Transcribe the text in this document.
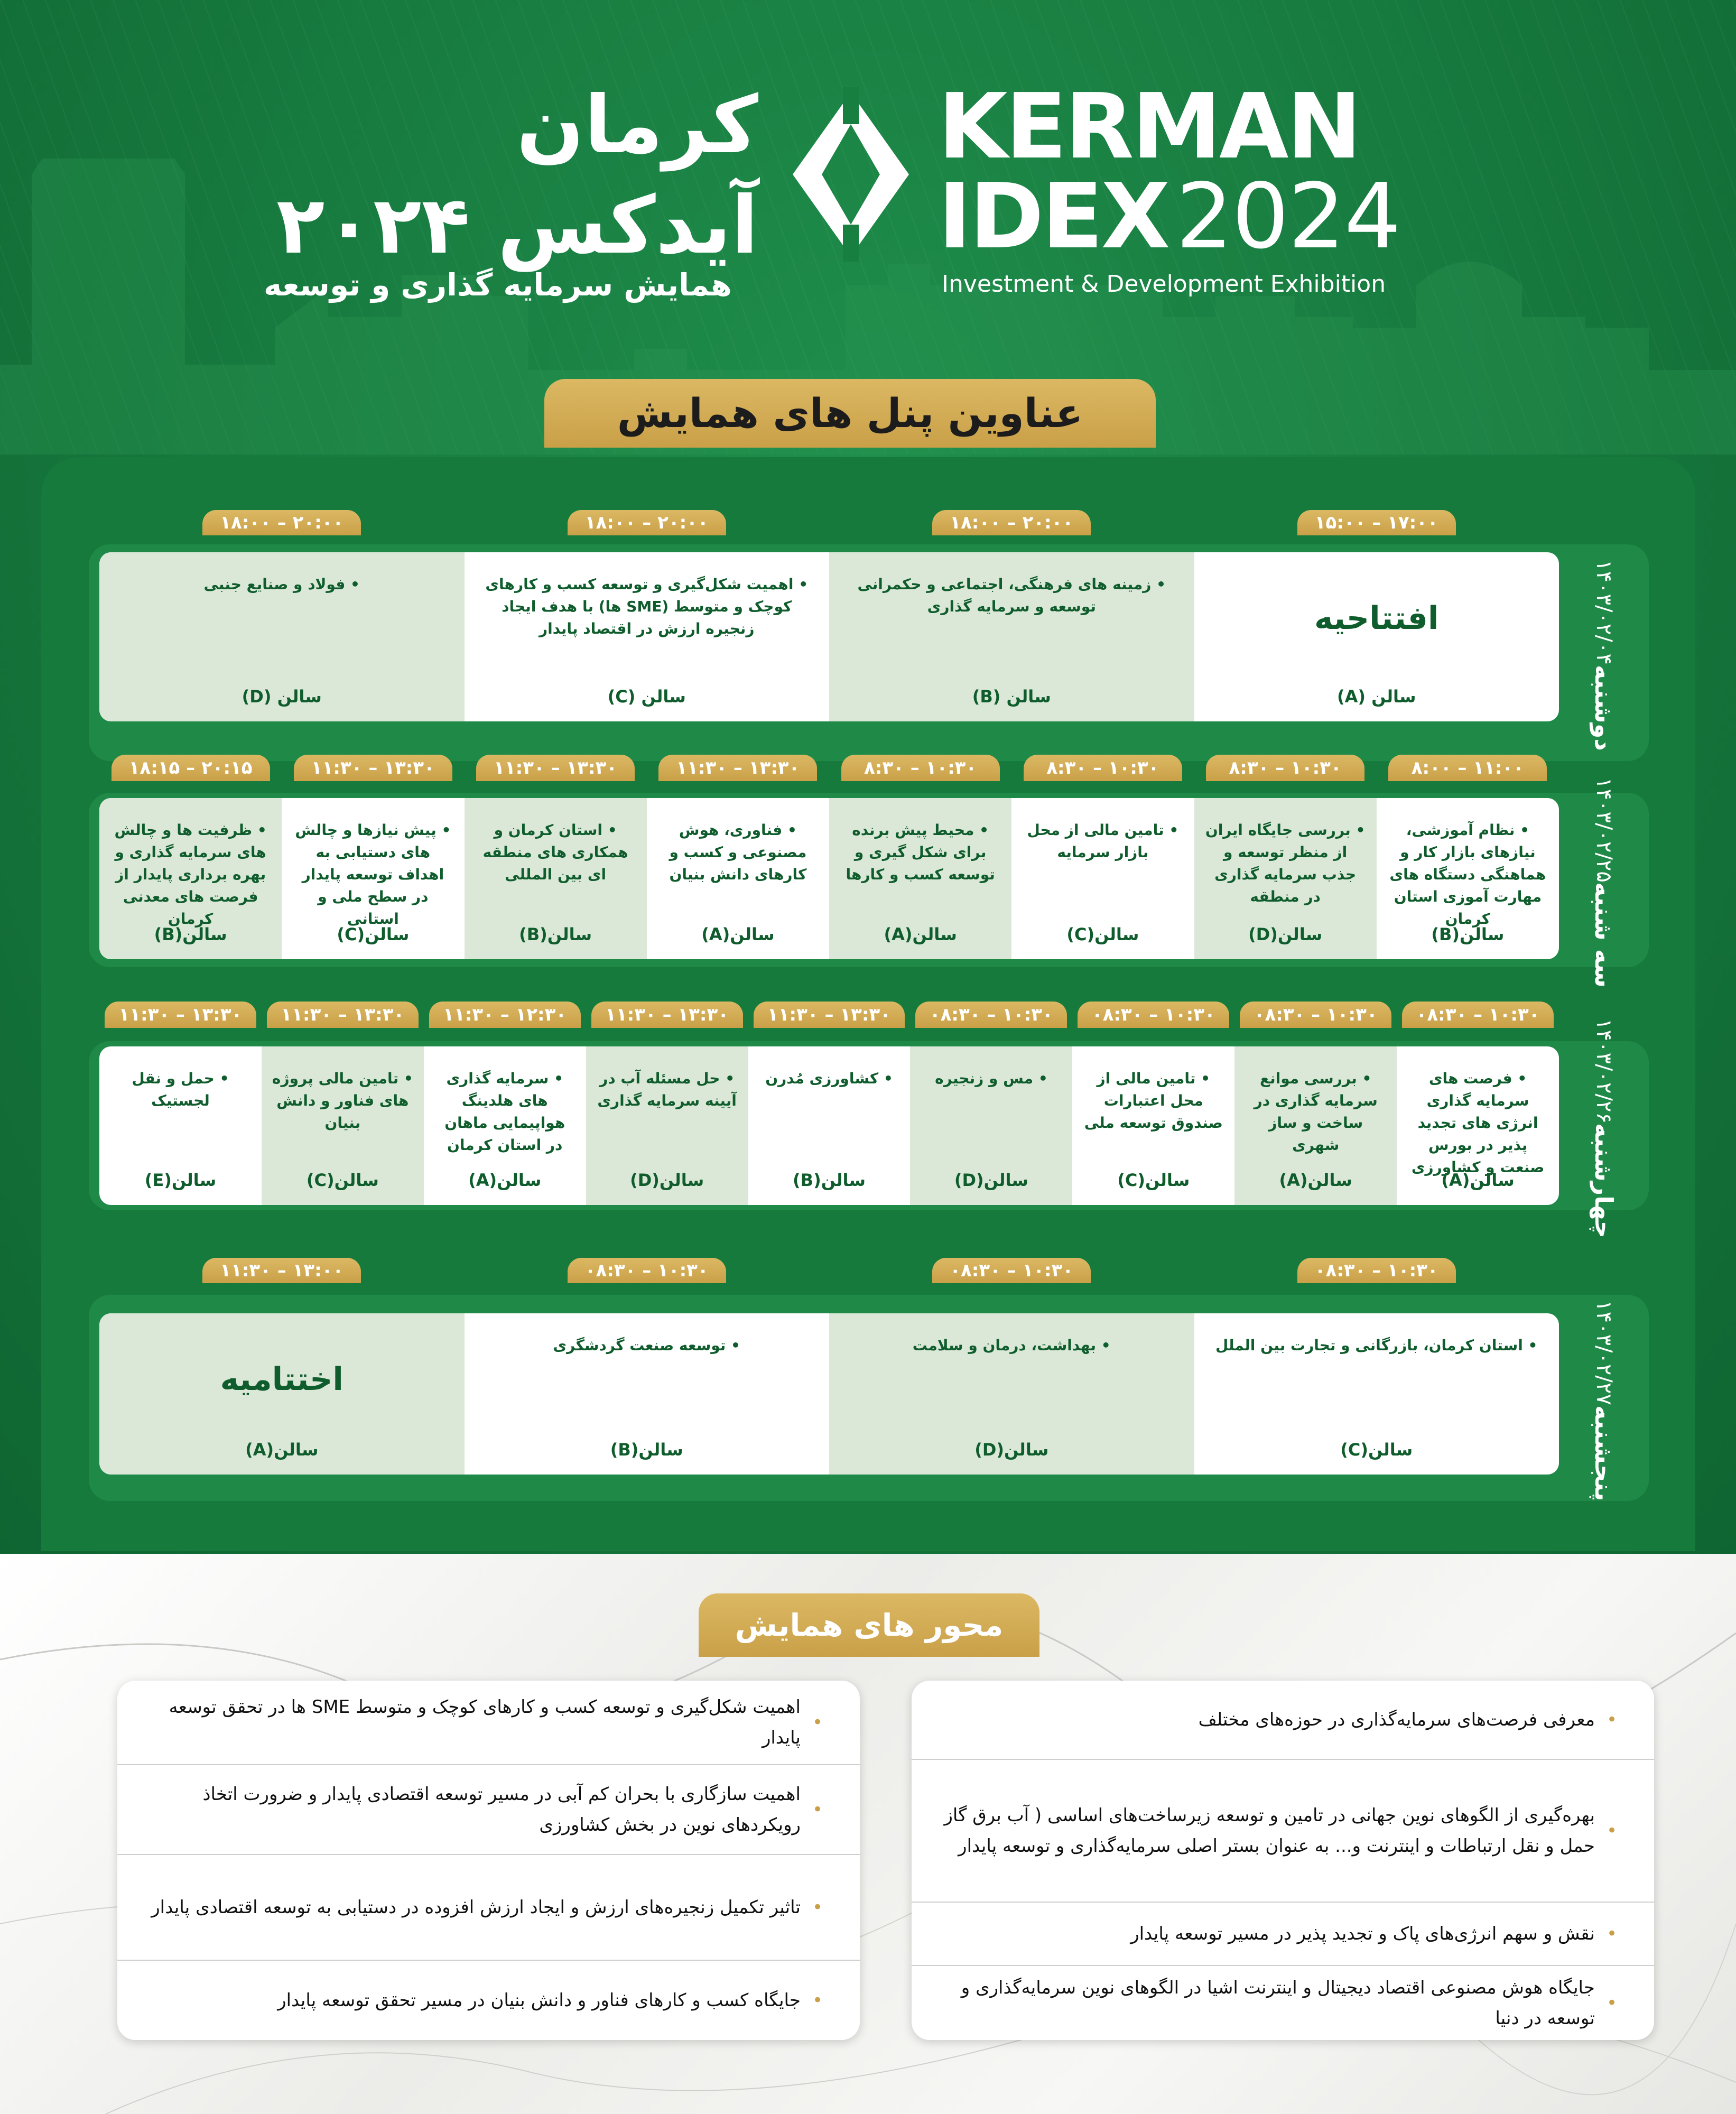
کرمان
آیدکس ۲۰۲۴
همایش سرمایه گذاری و توسعه
KERMAN
IDEX 2024
Investment & Development Exhibition
عناوین پنل های همایش
دوشنبه
۱۴۰۳/۰۲/۰۴
افتتاحیه
سالن (A)
• زمینه های فرهنگی، اجتماعی و حکمرانی توسعه و سرمایه گذاری
سالن (B)
• اهمیت شکل‌گیری و توسعه کسب و کارهای کوچک و متوسط (SME ها) با هدف ایجاد زنجیره ارزش در اقتصاد پایدار
سالن (C)
• فولاد و صنایع جنبی
سالن (D)
۱۵:۰۰ – ۱۷:۰۰
۱۸:۰۰ – ۲۰:۰۰
۱۸:۰۰ – ۲۰:۰۰
۱۸:۰۰ – ۲۰:۰۰
سه شنبه
۱۴۰۳/۰۲/۲۵
• نظام آموزشی، نیازهای بازار کار و هماهنگی دستگاه های مهارت آموزی استان کرمان
سالن(B)
• بررسی جایگاه ایران از منظر توسعه و جذب سرمایه گذاری در منطقه
سالن(D)
• تامین مالی از محل بازار سرمایه
سالن(C)
• محیط پیش برنده برای شکل گیری و توسعه کسب و کارها
سالن(A)
• فناوری، هوش مصنوعی و کسب و کارهای دانش بنیان
سالن(A)
• استان کرمان و همکاری های منطقه ای بین المللی
سالن(B)
• پیش نیازها و چالش های دستیابی به اهداف توسعه پایدار در سطح ملی و استانی
سالن(C)
• ظرفیت ها و چالش های سرمایه گذاری و بهره برداری پایدار از فرصت های معدنی کرمان
سالن(B)
۸:۰۰ – ۱۱:۰۰
۸:۳۰ – ۱۰:۳۰
۸:۳۰ – ۱۰:۳۰
۸:۳۰ – ۱۰:۳۰
۱۱:۳۰ – ۱۳:۳۰
۱۱:۳۰ – ۱۳:۳۰
۱۱:۳۰ – ۱۳:۳۰
۱۸:۱۵ – ۲۰:۱۵
چهارشنبه
۱۴۰۳/۰۲/۲۶
• فرصت های سرمایه گذاری انرژی های تجدید پذیر در بورس صنعت و کشاورزی
سالن(A)
• بررسی موانع سرمایه گذاری در ساخت و ساز شهری
سالن(A)
• تامین مالی از محل اعتبارات صندوق توسعه ملی
سالن(C)
• مس و زنجیره
سالن(D)
• کشاورزی مُدرن
سالن(B)
• حل مسئله آب در آیینه سرمایه گذاری
سالن(D)
• سرمایه گذاری های هلدینگ هواپیمایی ماهان در استان کرمان
سالن(A)
• تامین مالی پروژه های فناور و دانش بنیان
سالن(C)
• حمل و نقل لجستیک
سالن(E)
۰۸:۳۰ – ۱۰:۳۰
۰۸:۳۰ – ۱۰:۳۰
۰۸:۳۰ – ۱۰:۳۰
۰۸:۳۰ – ۱۰:۳۰
۱۱:۳۰ – ۱۳:۳۰
۱۱:۳۰ – ۱۳:۳۰
۱۱:۳۰ – ۱۲:۳۰
۱۱:۳۰ – ۱۳:۳۰
۱۱:۳۰ – ۱۳:۳۰
پنجشنبه
۱۴۰۳/۰۲/۲۷
• استان کرمان، بازرگانی و تجارت بین الملل
سالن(C)
• بهداشت، درمان و سلامت
سالن(D)
• توسعه صنعت گردشگری
سالن(B)
اختتامیه
سالن(A)
۰۸:۳۰ – ۱۰:۳۰
۰۸:۳۰ – ۱۰:۳۰
۰۸:۳۰ – ۱۰:۳۰
۱۱:۳۰ – ۱۳:۰۰
محور های همایش
•
معرفی فرصت‌های سرمایه‌گذاری در حوزه‌های مختلف
•
بهره‌گیری از الگوهای نوین جهانی در تامین و توسعه زیرساخت‌های اساسی ( آب برق گاز حمل و نقل ارتباطات و اینترنت و... به عنوان بستر اصلی سرمایه‌گذاری و توسعه پایدار
•
نقش و سهم انرژی‌های پاک و تجدید پذیر در مسیر توسعه پایدار
•
جایگاه هوش مصنوعی اقتصاد دیجیتال و اینترنت اشیا در الگوهای نوین سرمایه‌گذاری و توسعه در دنیا
•
اهمیت شکل‌گیری و توسعه کسب و کارهای کوچک و متوسط SME ها در تحقق توسعه پایدار
•
اهمیت سازگاری با بحران کم آبی در مسیر توسعه اقتصادی پایدار و ضرورت اتخاذ رویکردهای نوین در بخش کشاورزی
•
تاثیر تکمیل زنجیره‌های ارزش و ایجاد ارزش افزوده در دستیابی به توسعه اقتصادی پایدار
•
جایگاه کسب و کارهای فناور و دانش بنیان در مسیر تحقق توسعه پایدار
